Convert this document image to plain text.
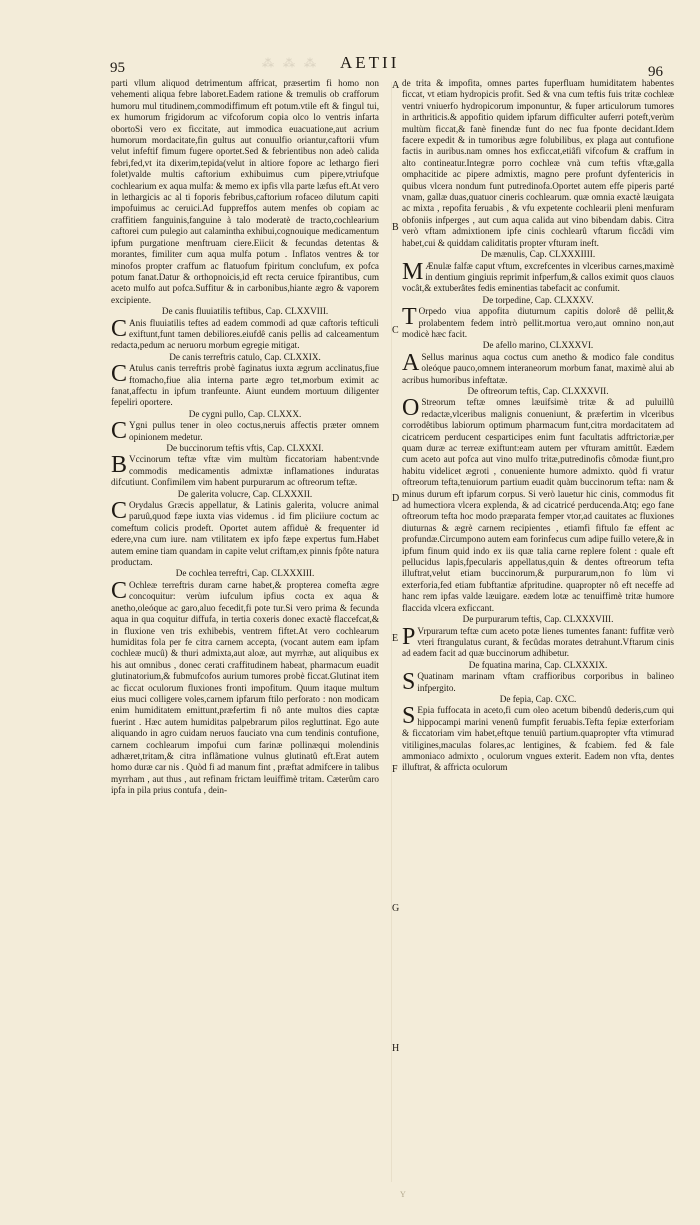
⁂ ⁂ ⁂
95	AETII	96

parti vllum aliquod detrimentum affricat, præsertim fi homo non vehementi aliqua febre laboret.Eadem ratione & tremulis ob crafforum humoru mul titudinem,commodiffimum eft potum.vtile eft & fingul tui, ex humorum frigidorum ac vifcoforum copia olco lo ventris infarta obortoSi vero ex ficcitate, aut immodica euacuatione,aut acrium humorum mordacitate,fin gultus aut conuulfio oriantur,caftorii vfum velut infeftif fimum fugere oportet.Sed & febrientibus non adeò calida febri,fed,vt ita dixerim,tepida(velut in altiore fopore ac lethargo fieri folet)valde multis caftorium exhibuimus cum pipere,vtriufque cochlearium ex aqua mulfa: & memo ex ipfis vlla parte læfus eft.At vero in lethargicis ac al ti foporis febribus,caftorium rofaceo dilutum capiti impofuimus ac ceruici.Ad fuppreffos autem menfes ob copiam ac craffitiem fanguinis,fanguine à talo moderatè de tracto,cochlearium caftorei cum pulegio aut calamintha exhibui,cognouique medicamentum ipfum purgatione menftruam ciere.Eiicit & fecundas detentas & morantes, fimiliter cum aqua mulfa potum . Inflatos ventres & tor minofos propter craffum ac flatuofum fpiritum conclufum, ex pofca potum fanat.Datur & orthopnoicis,id eft recta ceruice fpirantibus, cum aceto mulfo aut pofca.Suffitur & in carbonibus,hiante ægro & vaporem excipiente.

De canis fluuiatilis teftibus, Cap. CLXXVIII.

C Anis fluuiatilis teftes ad eadem commodi ad quæ caftoris tefticuli exiftunt,funt tamen debiliores.eiufdê canis pellis ad calceamentum redacta,pedum ac neruoru morbum egregie mitigat.

De canis terreftris catulo, Cap. CLXXIX.

C Atulus canis terreftris probè faginatus iuxta ægrum acclinatus,fiue ftomacho,fiue alia interna parte ægro tet,morbum eximit ac fanat,affectu in ipfum tranfeunte. Aiunt eundem mortuum diligenter fepeliri oportere.

De cygni pullo, Cap. CLXXX.

C Ygni pullus tener in oleo coctus,neruis affectis præter omnem opinionem medetur.

De buccinorum teftis vftis, Cap. CLXXXI.

B Vccinorum teftæ vftæ vim multùm ficcatoriam habent:vnde commodis medicamentis admixtæ inflamationes induratas difcutiunt. Confimilem vim habent purpurarum ac oftreorum teftæ.

De galerita volucre, Cap. CLXXXII.

C Orydalus Græcis appellatur, & Latinis galerita, volucre animal paruû,quod fæpe iuxta vias videmus . id fim pliciiure coctum ac comeftum colicis prodeft. Oportet autem affiduè & frequenter id edere,vna cum iure. nam vtilitatem ex ipfo fæpe expertus fum.Habet autem emine tiam quandam in capite velut criftam,ex pinnis fpôte natura productam.

De cochlea terreftri, Cap. CLXXXIII.

C Ochleæ terreftris duram carne habet,& propterea comefta ægre concoquitur: verùm iufculum ipfius cocta ex aqua & anetho,oleóque ac garo,aluo fecedit,fi pote tur.Si vero prima & fecunda aqua in qua coquitur diffufa, in tertia coxeris donec exactè flaccefcat,& in fluxione ven tris exhibebis, ventrem fiftet.At vero cochlearum humiditas fola per fe citra carnem accepta, (vocant autem eam ipfam cochleæ mucû) & thuri admixta,aut aloæ, aut myrrhæ, aut aliquibus ex his aut omnibus , donec cerati craffitudinem habeat, pharmacum euadit glutinatorium,& fubmufcofos aurium tumores probè ficcat.Glutinat item ac ficcat oculorum fluxiones fronti impofitum. Quum itaque multum eius muci colligere voles,carnem ipfarum ftilo perforato : non modicam enim humiditatem emittunt,præfertim fi nô ante multos dies captæ fuerint . Hæc autem humiditas palpebrarum pilos regluttinat. Ego aute aliquando in agro cuidam neruos fauciato vna cum tendinis contufione, carnem cochlearum impofui cum farinæ pollinæqui molendinis adhæret,tritam,& citra inflãmatione vulnus glutinatû eft.Erat autem homo duræ car nis . Quòd fi ad manum fint , præftat admifcere in talibus myrrham , aut thus , aut refinam frictam leuiffimè tritam. Cæterûm caro ipfa in pila prius contufa , dein-

de trita & impofita, omnes partes fuperfluam humiditatem habentes ficcat, vt etiam hydropicis profit. Sed & vna cum teftis fuis tritæ cochleæ ventri vniuerfo hydropicorum imponuntur, & fuper articulorum tumores in arthriticis.& appofitio quidem ipfarum difficulter auferri poteft,verùm multùm ficcat,& fanè finendæ funt do nec fua fponte decidant.Idem facere expedit & in tumoribus ægre folubilibus, ex plaga aut contufione factis in auribus.nam omnes hos exficcat,etiâfi vifcofum & craffum in alto contineatur.Integræ porro cochleæ vnà cum teftis vftæ,galla omphacitide ac pipere admixtis, magno pere profunt dyfentericis in quibus vlcera nondum funt putredinofa.Oportet autem effe piperis parté vnam, gallæ duas,quatuor cineris cochlearum. quæ omnia exactè læuigata ac mixta , repofita feruabis , & vfu expetente cochlearii pleni menfuram obfoniis infperges , aut cum aqua calida aut vino bibendam dabis. Citra verò vftam admixtionem ipfe cinis cochlearû vftarum ficcâdi vim habet,cui & quiddam caliditatis propter vfturam ineft.

De mænulis, Cap. CLXXXIIII.

M Ænulæ falfæ caput vftum, excrefcentes in vlceribus carnes,maximè in dentium gingiuis reprimit infperfum,& callos eximit quos clauos vocât,& extuberâtes fedis eminentias tabefacit ac confumit.

De torpedine, Cap. CLXXXV.

T Orpedo viua appofita diuturnum capitis dolorê dê pellit,& prolabentem fedem intrò pellit.mortua vero,aut omnino non,aut modicè hæc facit.

De afello marino, CLXXXVI.

A Sellus marinus aqua coctus cum anetho & modico fale conditus oleóque pauco,omnem interaneorum morbum fanat, maximè alui ab acribus humoribus infeftatæ.

De oftreorum teftis, Cap. CLXXXVII.

O Streorum teftæ omnes læuifsimè tritæ & ad puluillû redactæ,vlceribus malignis conueniunt, & præfertim in vlceribus corrodêtibus labiorum optimum pharmacum funt,citra mordacitatem ad cicatricem perducent cesparticipes enim funt facultatis adftrictoriæ,per quam duræ ac terreæ exiftunt:eam autem per vfturam amittût. Eædem cum aceto aut pofca aut vino mulfo tritæ,putredinofis cômodæ fiunt,pro habitu videlicet ægroti , conueniente humore admixto. quòd fi vratur oftreorum tefta,tenuiorum partium euadit quàm buccinorum tefta: nam & minus durum eft ipfarum corpus. Si verò lauetur hic cinis, commodus fit ad humectiora vlcera explenda, & ad cicatricé perducenda.Atq; ego fane oftreorum tefta hoc modo præparata femper vtor,ad cauitates ac fluxiones diuturnas & ægrè carnem recipientes , etiamfi fiftulo fæ effent ac profundæ.Circumpono autem eam forinfecus cum adipe fuillo vetere,& in ipfum finum quid indo ex iis quæ talia carne replere folent : quale eft pellucidus lapis,fpecularis appellatus,quin & dentes oftreorum tefta illuftrat,velut etiam buccinorum,& purpurarum,non fo lùm vi exterforia,fed etiam fubftantiæ afpritudine. quapropter nô eft neceffe ad hanc rem ipfas valde læuigare. eædem lotæ ac tenuiffimè tritæ humore flaccida vlcera exficcant.

De purpurarum teftis, Cap. CLXXXVIII.

P Vrpurarum teftæ cum aceto potæ lienes tumentes fanant: fuffitæ verò vteri ftrangulatus curant, & fecûdas morates detrahunt.Vftarum cinis ad eadem facit ad quæ buccinorum adhibetur.

De fquatina marina, Cap. CLXXXIX.

S Quatinam marinam vftam craffioribus corporibus in balineo infpergito.

De fepia, Cap. CXC.

S Epia fuffocata in aceto,fi cum oleo acetum bibendû dederis,cum qui hippocampi marini venenû fumpfit feruabis.Tefta fepiæ exterforiam & ficcatoriam vim habet,eftque tenuiû partium.quapropter vfta vtimurad vitiligines,maculas folares,ac lentigines, & fcabiem. fed & fale ammoniaco admixto , oculorum vngues exterit. Eadem non vfta, dentes illuftrat, & affricta oculorum

A
B
C
D
E
F
G
H
Y
